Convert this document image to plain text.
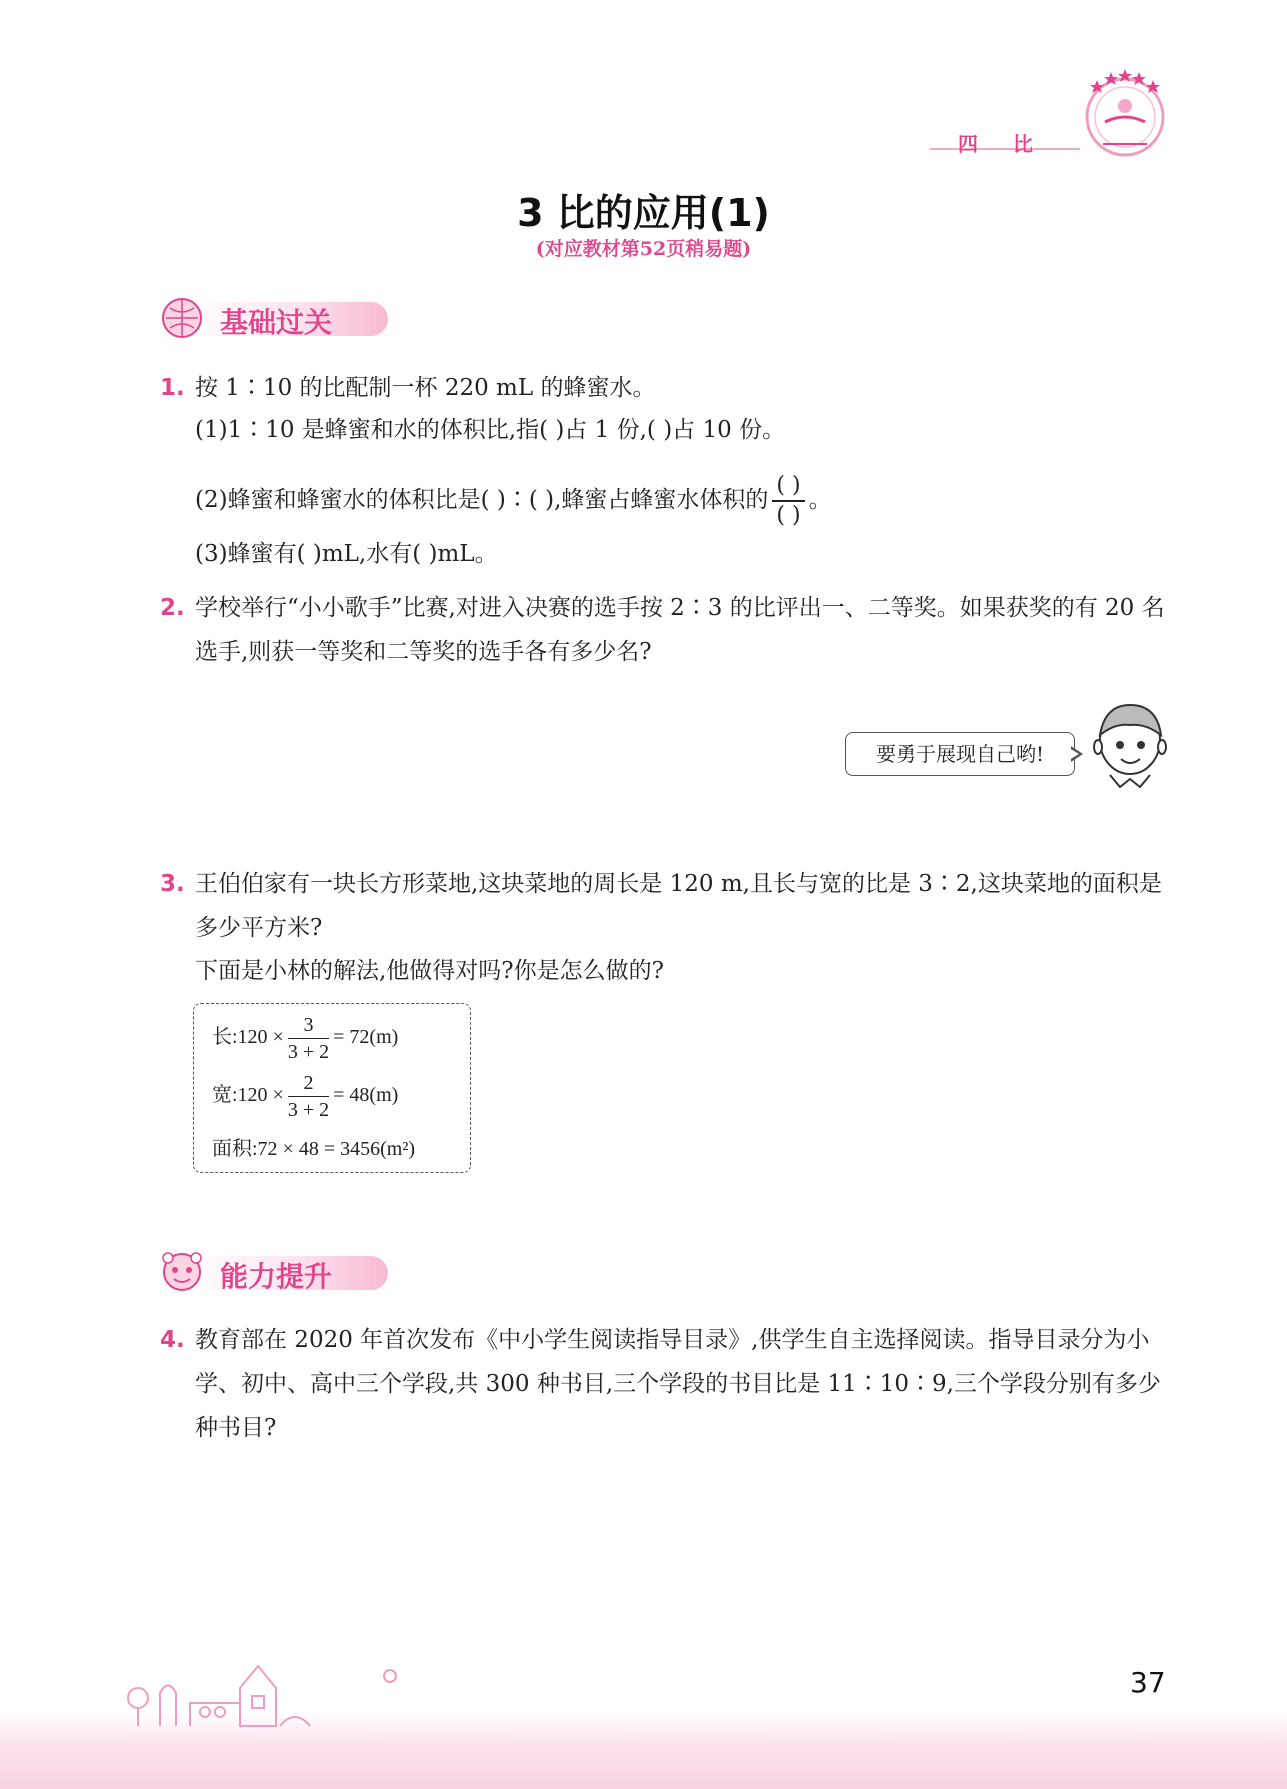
四 比
3 比的应用(1)
(对应教材第52页稍易题)
基础过关
1. 按 1∶10 的比配制一杯 220 mL 的蜂蜜水。
(1)1∶10 是蜂蜜和水的体积比,指( )占 1 份,( )占 10 份。
(2)蜂蜜和蜂蜜水的体积比是( )∶( ),蜂蜜占蜂蜜水体积的 $\frac{( )}{( )}$ 。
(3)蜂蜜有( )mL,水有( )mL。
2. 学校举行“小小歌手”比赛,对进入决赛的选手按 2∶3 的比评出一、二等奖。如果获奖的有 20 名选手,则获一等奖和二等奖的选手各有多少名?
要勇于展现自己哟!
3. 王伯伯家有一块长方形菜地,这块菜地的周长是 120 m,且长与宽的比是 3∶2,这块菜地的面积是多少平方米?
下面是小林的解法,他做得对吗?你是怎么做的?
长:120 × $\frac{3}{3 + 2} = 72(m)$
宽:120 × $\frac{2}{3 + 2} = 48(m)$
面积:72 × 48 = 3456(m²)
能力提升
4. 教育部在 2020 年首次发布《中小学生阅读指导目录》,供学生自主选择阅读。指导目录分为小学、初中、高中三个学段,共 300 种书目,三个学段的书目比是 11∶10∶9,三个学段分别有多少种书目?
37
